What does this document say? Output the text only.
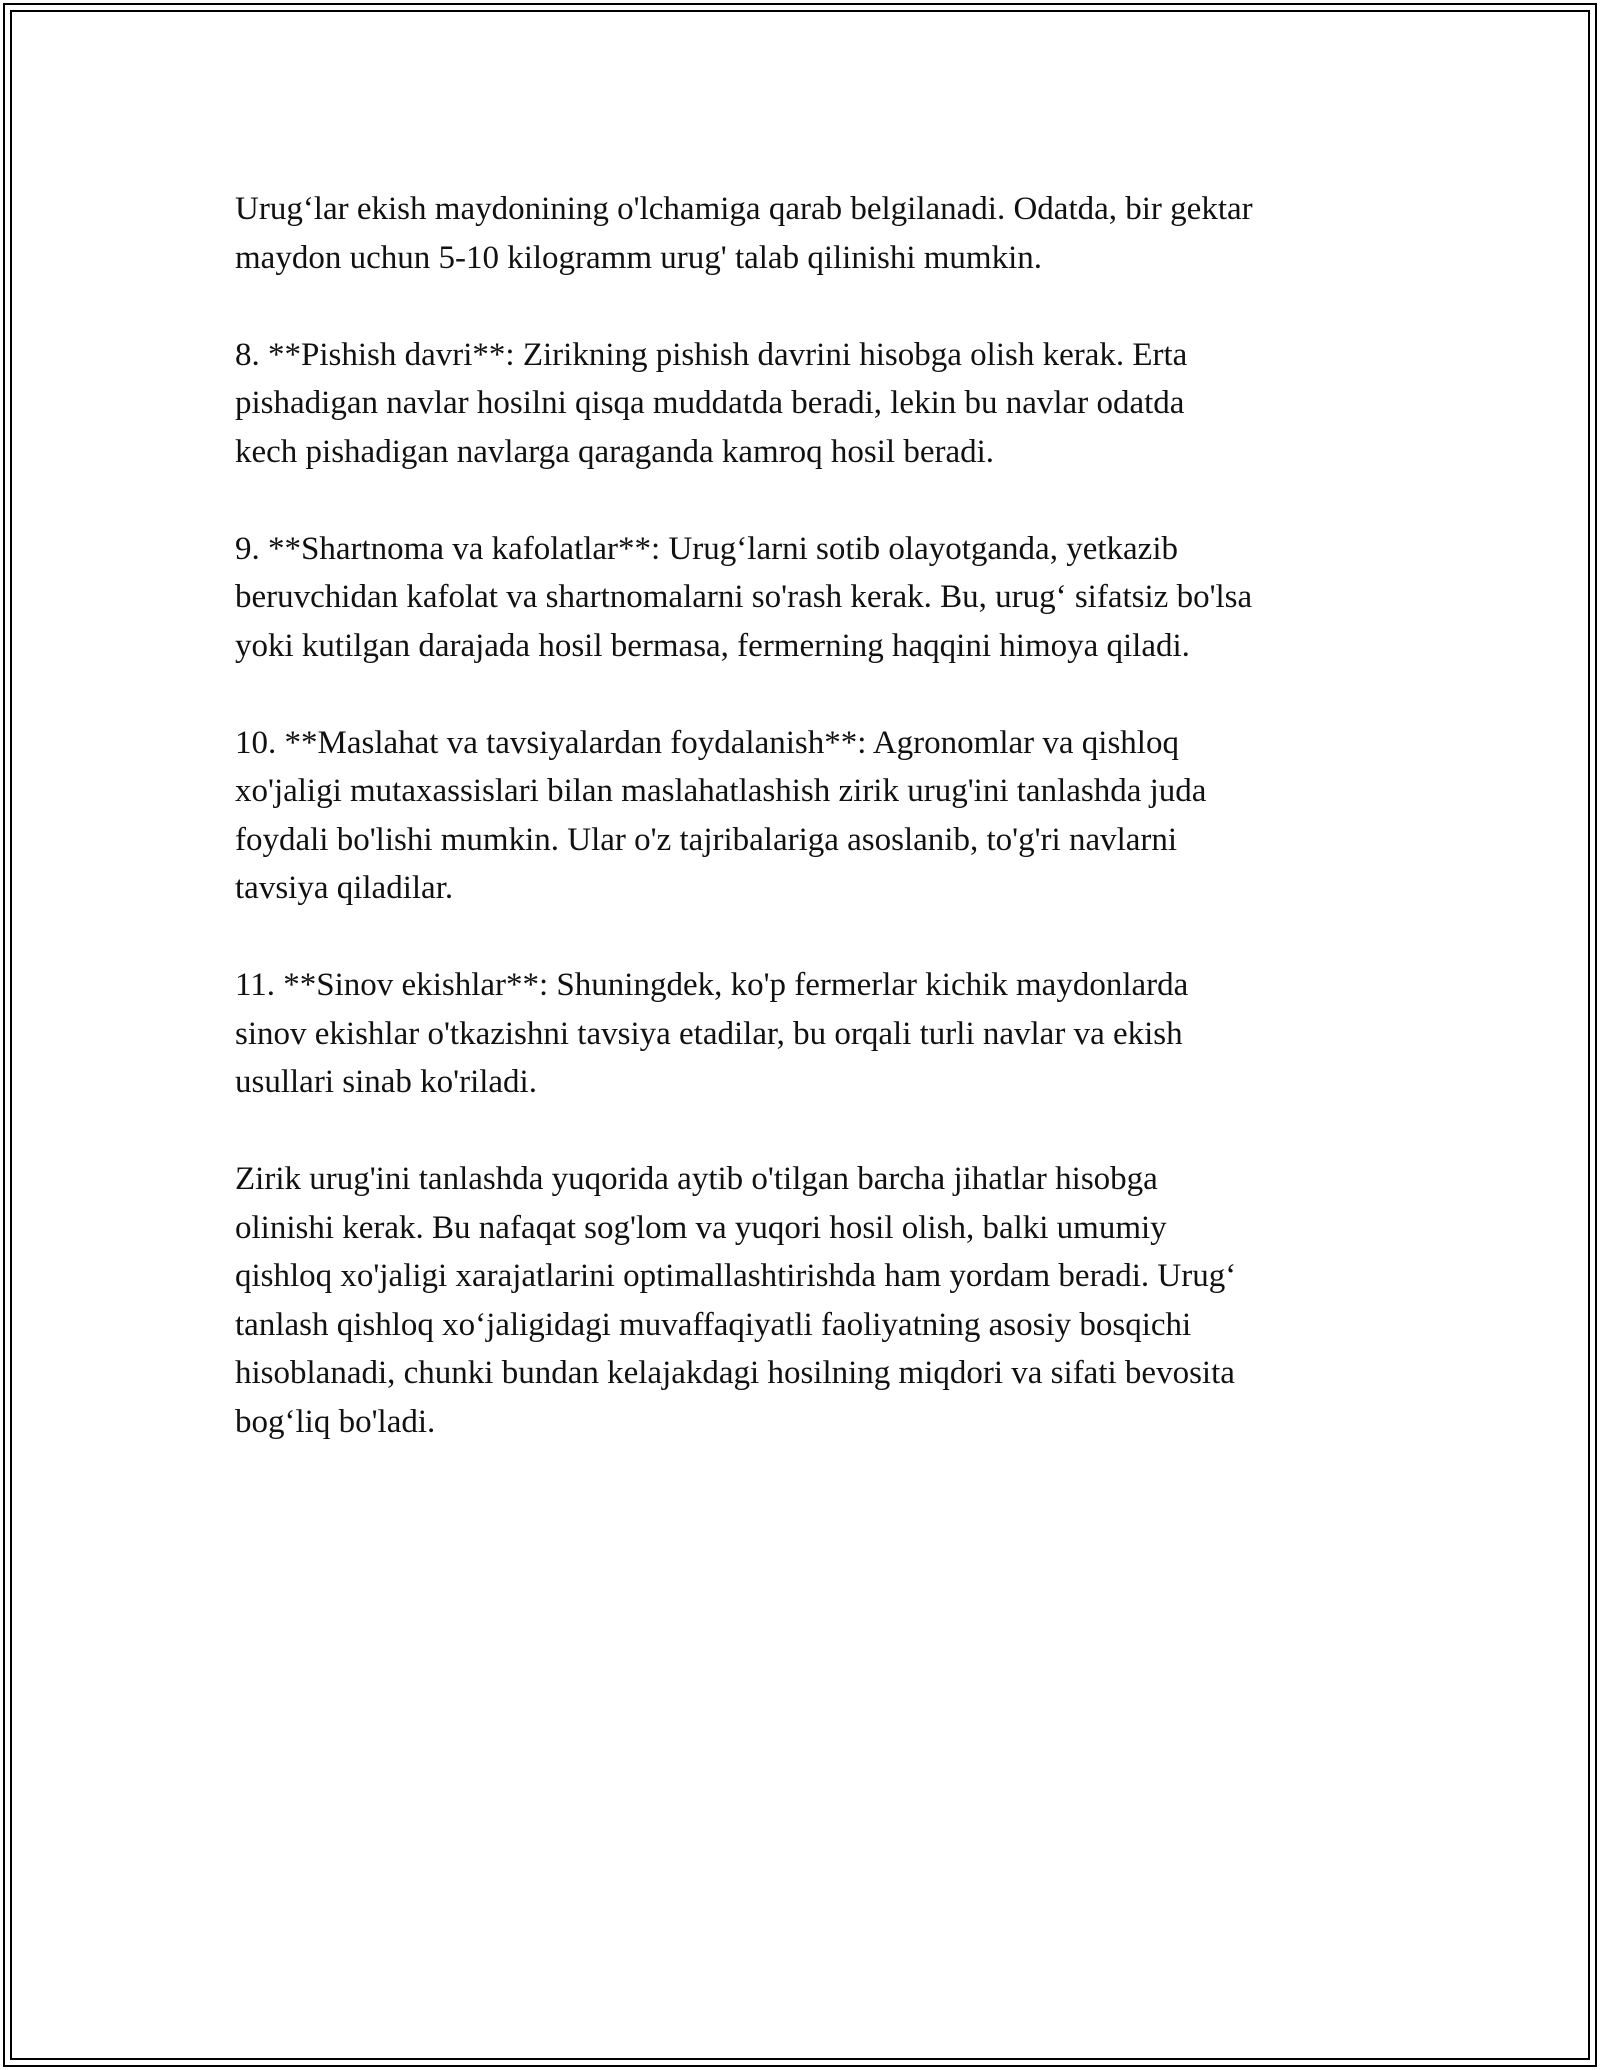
Urug‘lar ekish maydonining o'lchamiga qarab belgilanadi. Odatda, bir gektar
maydon uchun 5-10 kilogramm urug' talab qilinishi mumkin.

8. **Pishish davri**: Zirikning pishish davrini hisobga olish kerak. Erta
pishadigan navlar hosilni qisqa muddatda beradi, lekin bu navlar odatda
kech pishadigan navlarga qaraganda kamroq hosil beradi.

9. **Shartnoma va kafolatlar**: Urug‘larni sotib olayotganda, yetkazib
beruvchidan kafolat va shartnomalarni so'rash kerak. Bu, urug‘ sifatsiz bo'lsa
yoki kutilgan darajada hosil bermasa, fermerning haqqini himoya qiladi.

10. **Maslahat va tavsiyalardan foydalanish**: Agronomlar va qishloq
xo'jaligi mutaxassislari bilan maslahatlashish zirik urug'ini tanlashda juda
foydali bo'lishi mumkin. Ular o'z tajribalariga asoslanib, to'g'ri navlarni
tavsiya qiladilar.

11. **Sinov ekishlar**: Shuningdek, ko'p fermerlar kichik maydonlarda
sinov ekishlar o'tkazishni tavsiya etadilar, bu orqali turli navlar va ekish
usullari sinab ko'riladi.

Zirik urug'ini tanlashda yuqorida aytib o'tilgan barcha jihatlar hisobga
olinishi kerak. Bu nafaqat sog'lom va yuqori hosil olish, balki umumiy
qishloq xo'jaligi xarajatlarini optimallashtirishda ham yordam beradi. Urug‘
tanlash qishloq xo‘jaligidagi muvaffaqiyatli faoliyatning asosiy bosqichi
hisoblanadi, chunki bundan kelajakdagi hosilning miqdori va sifati bevosita
bog‘liq bo'ladi.
